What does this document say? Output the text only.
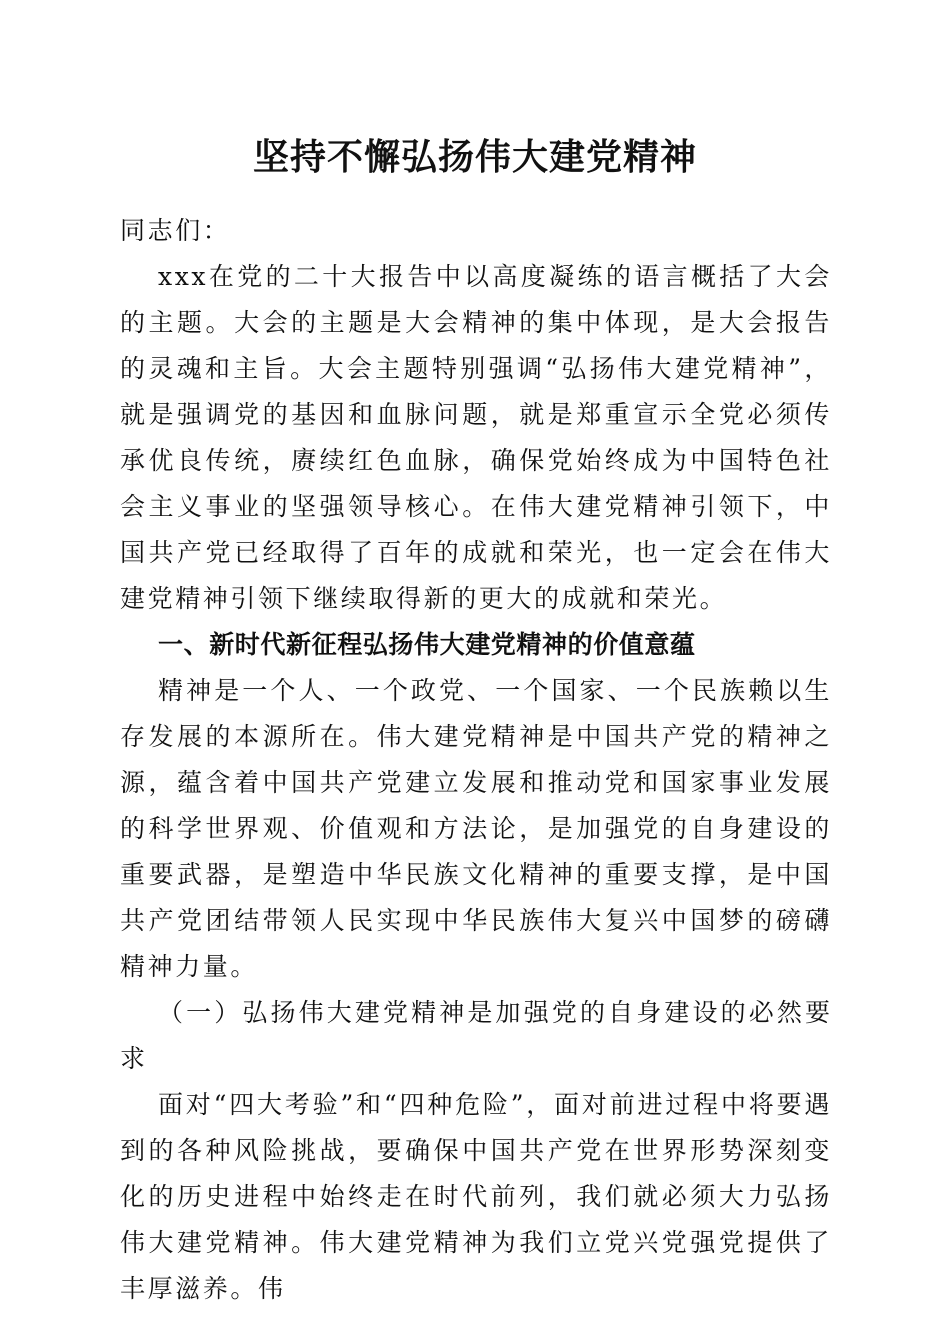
坚持不懈弘扬伟大建党精神

同志们：

xxx在党的二十大报告中以高度凝练的语言概括了大会的主题。大会的主题是大会精神的集中体现，是大会报告的灵魂和主旨。大会主题特别强调“弘扬伟大建党精神”，就是强调党的基因和血脉问题，就是郑重宣示全党必须传承优良传统，赓续红色血脉，确保党始终成为中国特色社会主义事业的坚强领导核心。在伟大建党精神引领下，中国共产党已经取得了百年的成就和荣光，也一定会在伟大建党精神引领下继续取得新的更大的成就和荣光。

一、新时代新征程弘扬伟大建党精神的价值意蕴

精神是一个人、一个政党、一个国家、一个民族赖以生存发展的本源所在。伟大建党精神是中国共产党的精神之源，蕴含着中国共产党建立发展和推动党和国家事业发展的科学世界观、价值观和方法论，是加强党的自身建设的重要武器，是塑造中华民族文化精神的重要支撑，是中国共产党团结带领人民实现中华民族伟大复兴中国梦的磅礴精神力量。

（一）弘扬伟大建党精神是加强党的自身建设的必然要求

面对“四大考验”和“四种危险”，面对前进过程中将要遇到的各种风险挑战，要确保中国共产党在世界形势深刻变化的历史进程中始终走在时代前列，我们就必须大力弘扬伟大建党精神。伟大建党精神为我们立党兴党强党提供了丰厚滋养。伟
